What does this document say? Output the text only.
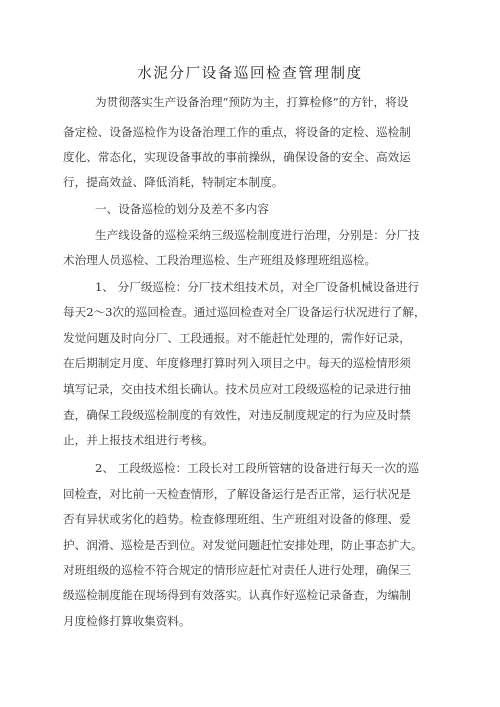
水泥分厂设备巡回检查管理制度
为贯彻落实生产设备治理“预防为主，打算检修”的方针，将设
备定检、设备巡检作为设备治理工作的重点，将设备的定检、巡检制
度化、常态化，实现设备事故的事前操纵，确保设备的安全、高效运
行，提高效益、降低消耗，特制定本制度。
一、设备巡检的划分及差不多内容
生产线设备的巡检采纳三级巡检制度进行治理，分别是：分厂技
术治理人员巡检、工段治理巡检、生产班组及修理班组巡检。
1、 分厂级巡检：分厂技术组技术员，对全厂设备机械设备进行
每天2～3次的巡回检查。通过巡回检查对全厂设备运行状况进行了解，
发觉问题及时向分厂、工段通报。对不能赶忙处理的，需作好记录，
在后期制定月度、年度修理打算时列入项目之中。每天的巡检情形须
填写记录，交由技术组长确认。技术员应对工段级巡检的记录进行抽
查，确保工段级巡检制度的有效性，对违反制度规定的行为应及时禁
止，并上报技术组进行考核。
2、 工段级巡检：工段长对工段所管辖的设备进行每天一次的巡
回检查，对比前一天检查情形，了解设备运行是否正常，运行状况是
否有异状或劣化的趋势。检查修理班组、生产班组对设备的修理、爱
护、润滑、巡检是否到位。对发觉问题赶忙安排处理，防止事态扩大。
对班组级的巡检不符合规定的情形应赶忙对责任人进行处理，确保三
级巡检制度能在现场得到有效落实。认真作好巡检记录备查，为编制
月度检修打算收集资料。
